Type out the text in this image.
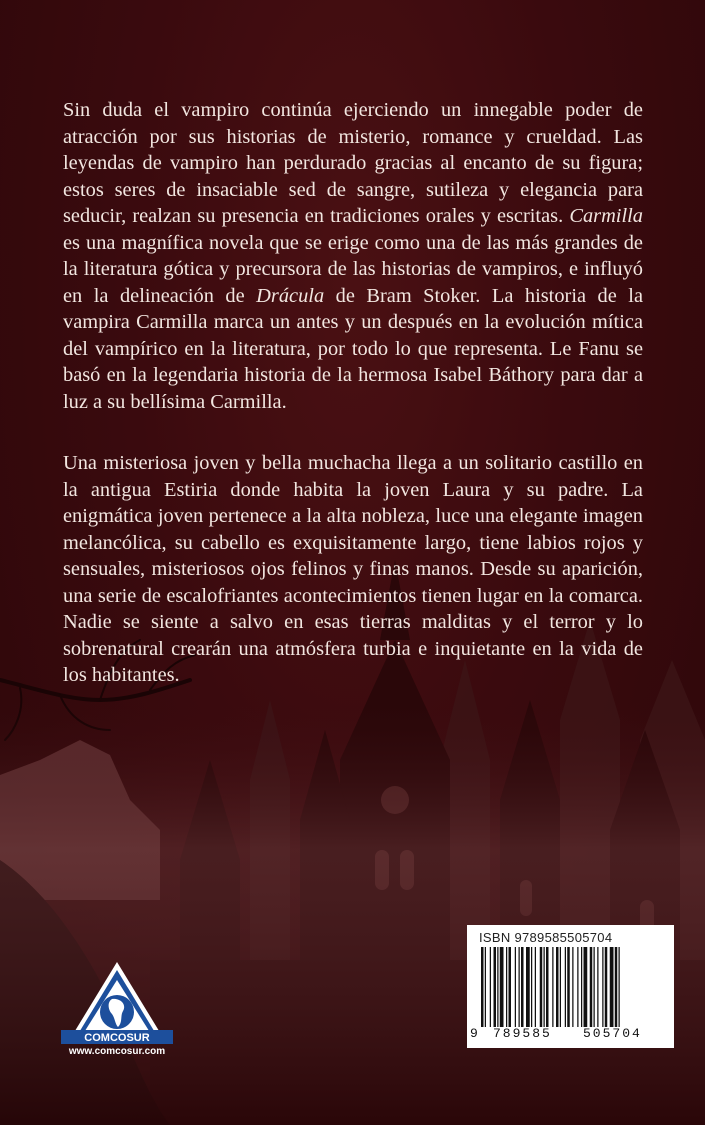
Sin duda el vampiro continúa ejerciendo un innegable poder de atracción por sus historias de misterio, romance y crueldad. Las leyendas de vampiro han perdurado gracias al encanto de su figura; estos seres de insaciable sed de sangre, sutileza y elegancia para seducir, realzan su presencia en tradiciones orales y escritas. Carmilla es una magnífica novela que se erige como una de las más grandes de la literatura gótica y precursora de las historias de vampiros, e influyó en la delineación de Drácula de Bram Stoker. La historia de la vampira Carmilla marca un antes y un después en la evolución mítica del vampírico en la literatura, por todo lo que representa. Le Fanu se basó en la legendaria historia de la hermosa Isabel Báthory para dar a luz a su bellísima Carmilla.

Una misteriosa joven y bella muchacha llega a un solitario castillo en la antigua Estiria donde habita la joven Laura y su padre. La enigmática joven pertenece a la alta nobleza, luce una elegante imagen melancólica, su cabello es exquisitamente largo, tiene labios rojos y sensuales, misteriosos ojos felinos y finas manos. Desde su aparición, una serie de escalofriantes acontecimientos tienen lugar en la comarca. Nadie se siente a salvo en esas tierras malditas y el terror y lo sobrenatural crearán una atmósfera turbia e inquietante en la vida de los habitantes.

COMCOSUR
www.comcosur.com
ISBN 9789585505704
9 789585 505704
